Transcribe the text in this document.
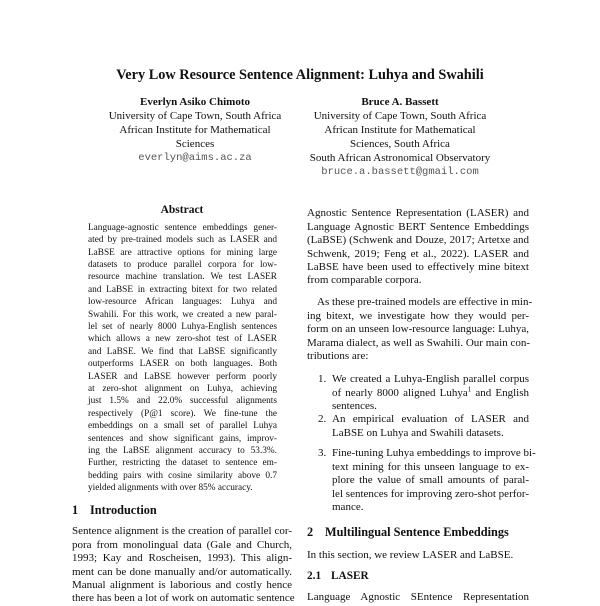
Very Low Resource Sentence Alignment: Luhya and Swahili
Everlyn Asiko Chimoto
University of Cape Town, South Africa
African Institute for Mathematical
Sciences
everlyn@aims.ac.za
Bruce A. Bassett
University of Cape Town, South Africa
African Institute for Mathematical
Sciences, South Africa
South African Astronomical Observatory
bruce.a.bassett@gmail.com
Abstract
1 Introduction
2 Multilingual Sentence Embeddings
In this section, we review LASER and LaBSE.
2.1 LASER
Language-agnostic sentence embeddings gener-
ated by pre-trained models such as LASER and
LaBSE are attractive options for mining large
datasets to produce parallel corpora for low-
resource machine translation. We test LASER
and LaBSE in extracting bitext for two related
low-resource African languages: Luhya and
Swahili. For this work, we created a new paral-
lel set of nearly 8000 Luhya-English sentences
which allows a new zero-shot test of LASER
and LaBSE. We find that LaBSE significantly
outperforms LASER on both languages. Both
LASER and LaBSE however perform poorly
at zero-shot alignment on Luhya, achieving
just 1.5% and 22.0% successful alignments
respectively (P@1 score). We fine-tune the
embeddings on a small set of parallel Luhya
sentences and show significant gains, improv-
ing the LaBSE alignment accuracy to 53.3%.
Further, restricting the dataset to sentence em-
bedding pairs with cosine similarity above 0.7
yielded alignments with over 85% accuracy.
Sentence alignment is the creation of parallel cor-
pora from monolingual data (Gale and Church,
1993; Kay and Roscheisen, 1993). This align-
ment can be done manually and/or automatically.
Manual alignment is laborious and costly hence
there has been a lot of work on automatic sentence
Agnostic Sentence Representation (LASER) and
Language Agnostic BERT Sentence Embeddings
(LaBSE) (Schwenk and Douze, 2017; Artetxe and
Schwenk, 2019; Feng et al., 2022). LASER and
LaBSE have been used to effectively mine bitext
from comparable corpora.
As these pre-trained models are effective in min-
ing bitext, we investigate how they would per-
form on an unseen low-resource language: Luhya,
Marama dialect, as well as Swahili. Our main con-
tributions are:
1. We created a Luhya-English parallel corpus
of nearly 8000 aligned Luhya$^1$ and English
sentences.
2. An empirical evaluation of LASER and
LaBSE on Luhya and Swahili datasets.
3. Fine-tuning Luhya embeddings to improve bi-
text mining for this unseen language to ex-
plore the value of small amounts of paral-
lel sentences for improving zero-shot perfor-
mance.
Language Agnostic SEntence Representation
